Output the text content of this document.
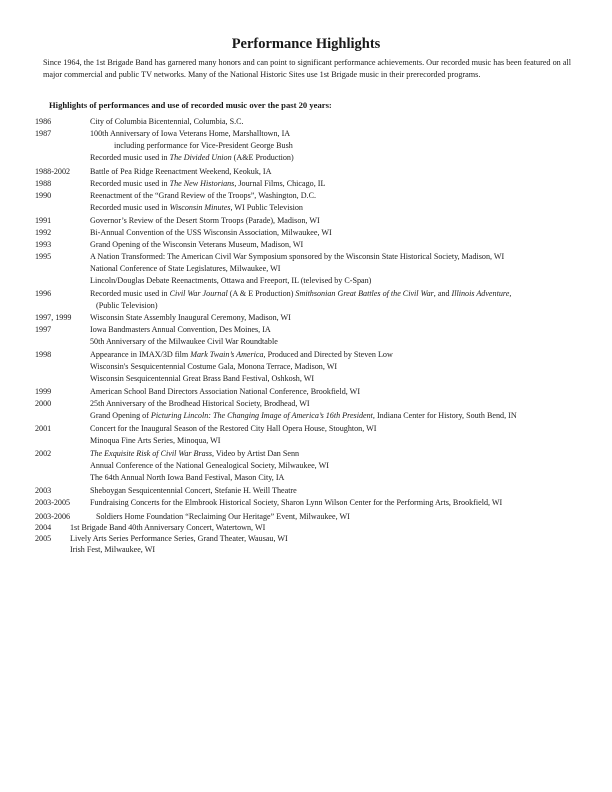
Performance Highlights
Since 1964, the 1st Brigade Band has garnered many honors and can point to significant performance achievements. Our recorded music has been featured on all major commercial and public TV networks. Many of the National Historic Sites use 1st Brigade music in their prerecorded programs.
Highlights of performances and use of recorded music over the past 20 years:
1986	City of Columbia Bicentennial, Columbia, S.C.
1987	100th Anniversary of Iowa Veterans Home, Marshalltown, IA
including performance for Vice-President George Bush
Recorded music used in The Divided Union (A&E Production)
1988-2002 Battle of Pea Ridge Reenactment Weekend, Keokuk, IA
1988	Recorded music used in The New Historians, Journal Films, Chicago, IL
1990	Reenactment of the “Grand Review of the Troops”, Washington, D.C.
Recorded music used in Wisconsin Minutes, WI Public Television
1991	Governor’s Review of the Desert Storm Troops (Parade), Madison, WI
1992	Bi-Annual Convention of the USS Wisconsin Association, Milwaukee, WI
1993	Grand Opening of the Wisconsin Veterans Museum, Madison, WI
1995	A Nation Transformed: The American Civil War Symposium sponsored by the Wisconsin State Historical Society, Madison, WI
National Conference of State Legislatures, Milwaukee, WI
Lincoln/Douglas Debate Reenactments, Ottawa and Freeport, IL (televised by C-Span)
1996	Recorded music used in Civil War Journal (A & E Production) Smithsonian Great Battles of the Civil War, and Illinois Adventure,
(Public Television)
1997, 1999 Wisconsin State Assembly Inaugural Ceremony, Madison, WI
1997	Iowa Bandmasters Annual Convention, Des Moines, IA
50th Anniversary of the Milwaukee Civil War Roundtable
1998	Appearance in IMAX/3D film Mark Twain’s America, Produced and Directed by Steven Low
Wisconsin's Sesquicentennial Costume Gala, Monona Terrace, Madison, WI
Wisconsin Sesquicentennial Great Brass Band Festival, Oshkosh, WI
1999	American School Band Directors Association National Conference, Brookfield, WI
2000	25th Anniversary of the Brodhead Historical Society, Brodhead, WI
Grand Opening of Picturing Lincoln: The Changing Image of America’s 16th President, Indiana Center for History, South Bend, IN
2001	Concert for the Inaugural Season of the Restored City Hall Opera House, Stoughton, WI
Minoqua Fine Arts Series, Minoqua, WI
2002	The Exquisite Risk of Civil War Brass, Video by Artist Dan Senn
Annual Conference of the National Genealogical Society, Milwaukee, WI
The 64th Annual North Iowa Band Festival, Mason City, IA
2003	Sheboygan Sesquicentennial Concert, Stefanie H. Weill Theatre
2003-2005 Fundraising Concerts for the Elmbrook Historical Society, Sharon Lynn Wilson Center for the Performing Arts, Brookfield, WI
2003-2006	Soldiers Home Foundation “Reclaiming Our Heritage” Event, Milwaukee, WI
2004 1st Brigade Band 40th Anniversary Concert, Watertown, WI
2005 Lively Arts Series Performance Series, Grand Theater, Wausau, WI
Irish Fest, Milwaukee, WI
